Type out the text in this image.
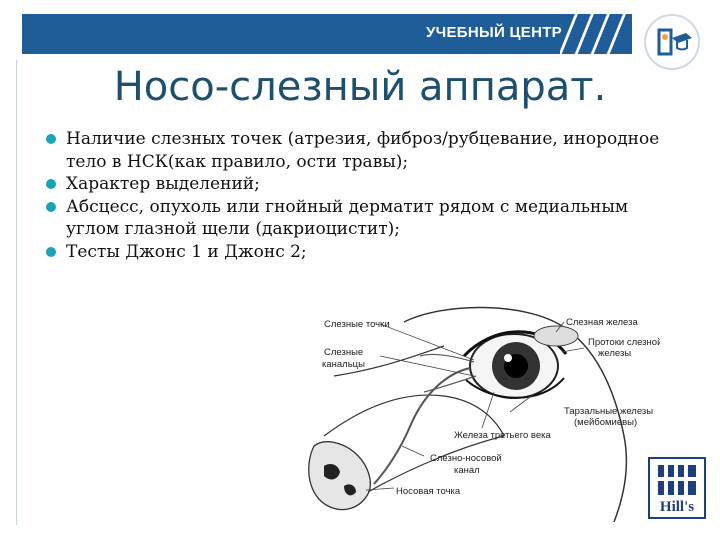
УЧЕБНЫЙ ЦЕНТР
Носо-слезный аппарат.
Наличие слезных точек (атрезия, фиброз/рубцевание, инородное тело в НСК(как правило, ости травы);
Характер выделений;
Абсцесс, опухоль или гнойный дерматит рядом с медиальным углом глазной щели (дакриоцистит);
Тесты Джонс 1 и Джонс 2;
Слезные точки
Слезные
канальцы
Слезная железа
Протоки слезной
железы
Тарзальные железы
(мейбомиевы)
Железа третьего века
Слезно-носовой
канал
Носовая точка
Hill's
